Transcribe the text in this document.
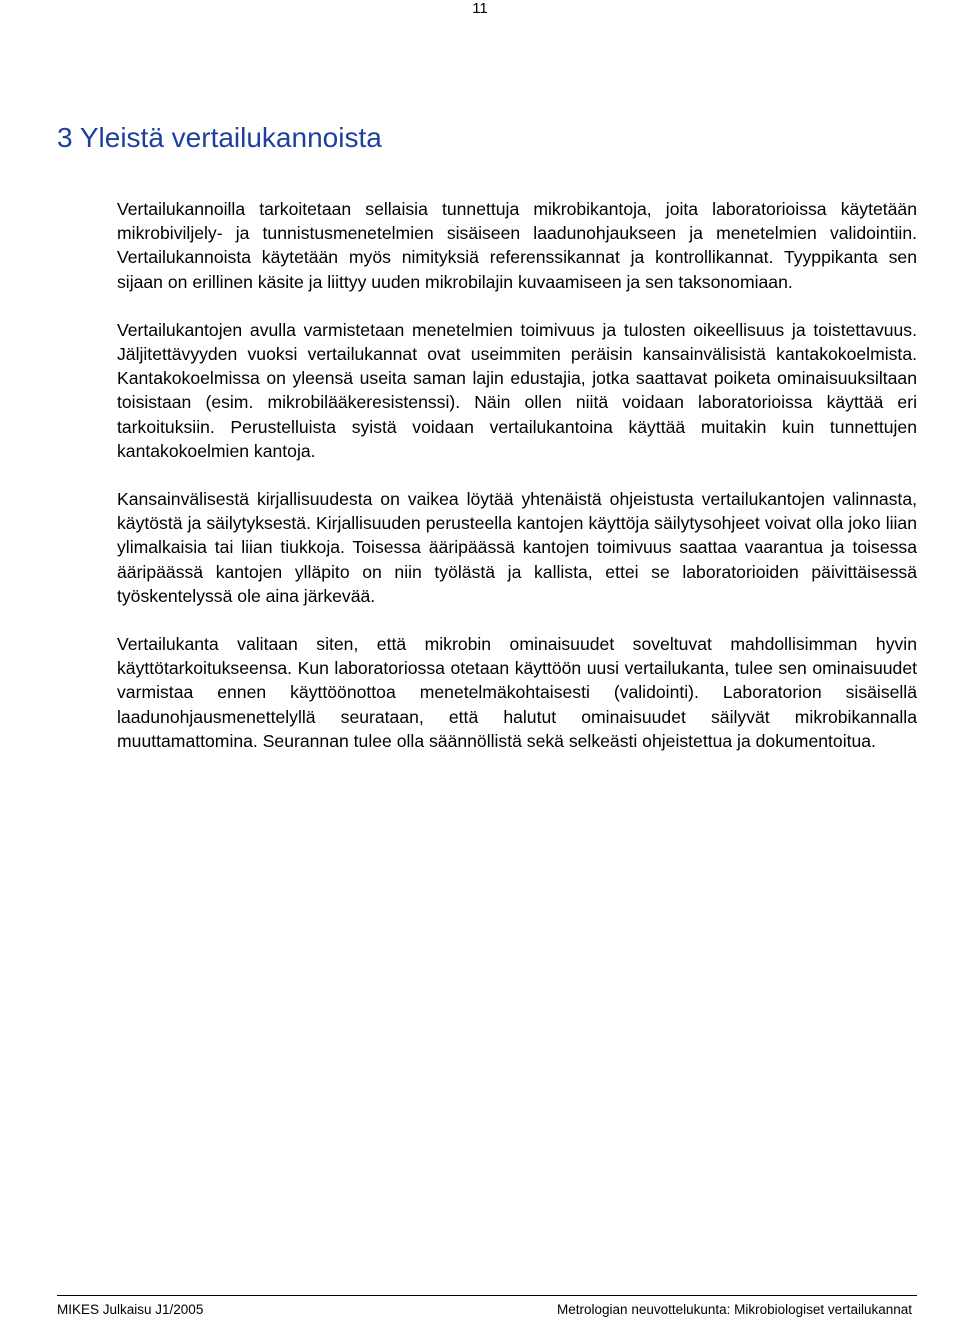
11
3 Yleistä vertailukannoista

Vertailukannoilla tarkoitetaan sellaisia tunnettuja mikrobikantoja, joita laboratorioissa käytetään mikrobiviljely- ja tunnistusmenetelmien sisäiseen laadunohjaukseen ja menetelmien validointiin. Vertailukannoista käytetään myös nimityksiä referenssikannat ja kontrollikannat. Tyyppikanta sen sijaan on erillinen käsite ja liittyy uuden mikrobilajin kuvaamiseen ja sen taksonomiaan.

Vertailukantojen avulla varmistetaan menetelmien toimivuus ja tulosten oikeellisuus ja toistettavuus. Jäljitettävyyden vuoksi vertailukannat ovat useimmiten peräisin kansainvälisistä kantakokoelmista. Kantakokoelmissa on yleensä useita saman lajin edustajia, jotka saattavat poiketa ominaisuuksiltaan toisistaan (esim. mikrobilääkeresistenssi). Näin ollen niitä voidaan laboratorioissa käyttää eri tarkoituksiin. Perustelluista syistä voidaan vertailukantoina käyttää muitakin kuin tunnettujen kantakokoelmien kantoja.

Kansainvälisestä kirjallisuudesta on vaikea löytää yhtenäistä ohjeistusta vertailukantojen valinnasta, käytöstä ja säilytyksestä. Kirjallisuuden perusteella kantojen käyttöja säilytysohjeet voivat olla joko liian ylimalkaisia tai liian tiukkoja. Toisessa ääripäässä kantojen toimivuus saattaa vaarantua ja toisessa ääripäässä kantojen ylläpito on niin työlästä ja kallista, ettei se laboratorioiden päivittäisessä työskentelyssä ole aina järkevää.

Vertailukanta valitaan siten, että mikrobin ominaisuudet soveltuvat mahdollisimman hyvin käyttötarkoitukseensa. Kun laboratoriossa otetaan käyttöön uusi vertailukanta, tulee sen ominaisuudet varmistaa ennen käyttöönottoa menetelmäkohtaisesti (validointi). Laboratorion sisäisellä laadunohjausmenettelyllä seurataan, että halutut ominaisuudet säilyvät mikrobikannalla muuttamattomina. Seurannan tulee olla säännöllistä sekä selkeästi ohjeistettua ja dokumentoitua.

MIKES Julkaisu J1/2005	Metrologian neuvottelukunta: Mikrobiologiset vertailukannat
